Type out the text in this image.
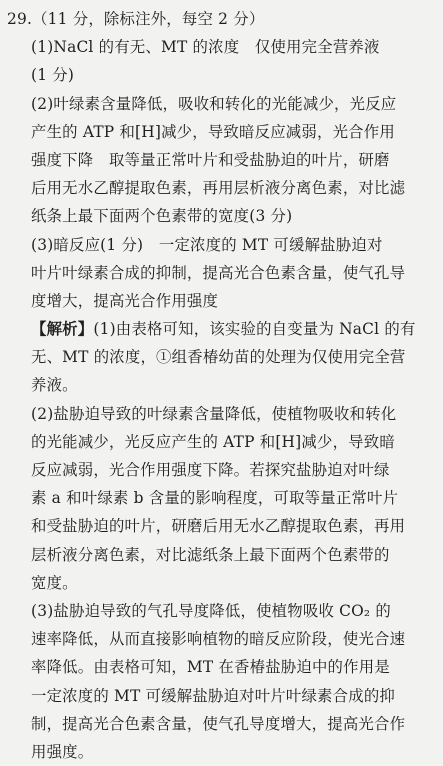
29.（11 分，除标注外，每空 2 分）
(1)NaCl 的有无、MT 的浓度　仅使用完全营养液
(1 分)
(2)叶绿素含量降低，吸收和转化的光能减少，光反应
产生的 ATP 和[H]减少，导致暗反应减弱，光合作用
强度下降　取等量正常叶片和受盐胁迫的叶片，研磨
后用无水乙醇提取色素，再用层析液分离色素，对比滤
纸条上最下面两个色素带的宽度(3 分)
(3)暗反应(1 分)　一定浓度的 MT 可缓解盐胁迫对
叶片叶绿素合成的抑制，提高光合色素含量，使气孔导
度增大，提高光合作用强度
【解析】(1)由表格可知，该实验的自变量为 NaCl 的有
无、MT 的浓度，①组香椿幼苗的处理为仅使用完全营
养液。
(2)盐胁迫导致的叶绿素含量降低，使植物吸收和转化
的光能减少，光反应产生的 ATP 和[H]减少，导致暗
反应减弱，光合作用强度下降。若探究盐胁迫对叶绿
素 a 和叶绿素 b 含量的影响程度，可取等量正常叶片
和受盐胁迫的叶片，研磨后用无水乙醇提取色素，再用
层析液分离色素，对比滤纸条上最下面两个色素带的
宽度。
(3)盐胁迫导致的气孔导度降低，使植物吸收 CO₂ 的
速率降低，从而直接影响植物的暗反应阶段，使光合速
率降低。由表格可知，MT 在香椿盐胁迫中的作用是
一定浓度的 MT 可缓解盐胁迫对叶片叶绿素合成的抑
制，提高光合色素含量，使气孔导度增大，提高光合作
用强度。
